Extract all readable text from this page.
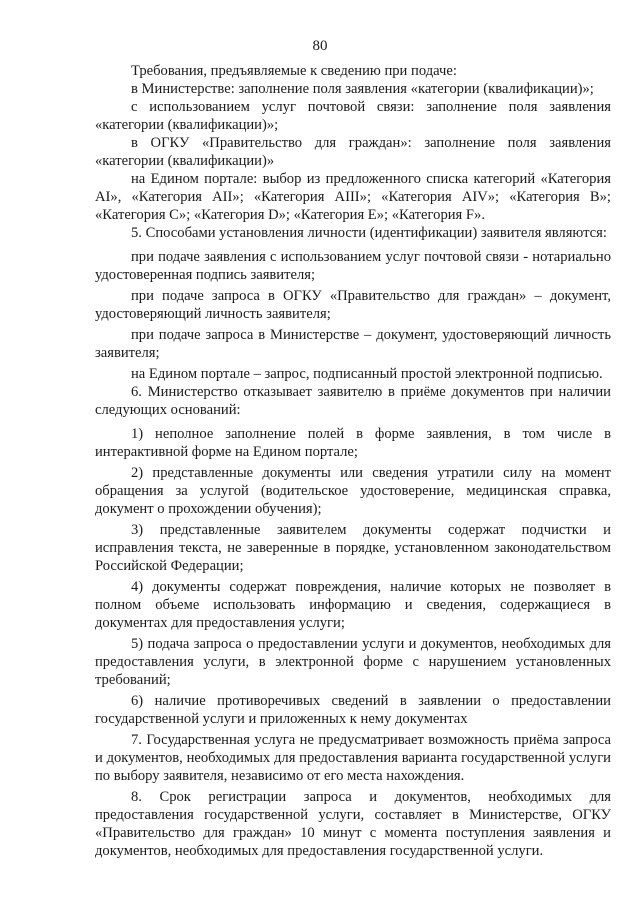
80

Требования, предъявляемые к сведению при подаче:

в Министерстве: заполнение поля заявления «категории (квалификации)»;

с использованием услуг почтовой связи: заполнение поля заявления «категории (квалификации)»;

в ОГКУ «Правительство для граждан»: заполнение поля заявления «категории (квалификации)»

на Едином портале: выбор из предложенного списка категорий «Категория AI», «Категория AII»; «Категория AIII»; «Категория AIV»; «Категория B»; «Категория C»; «Категория D»; «Категория E»; «Категория F».

5. Способами установления личности (идентификации) заявителя являются:

при подаче заявления с использованием услуг почтовой связи - нотариально удостоверенная подпись заявителя;

при подаче запроса в ОГКУ «Правительство для граждан» – документ, удостоверяющий личность заявителя;

при подаче запроса в Министерстве – документ, удостоверяющий личность заявителя;

на Едином портале – запрос, подписанный простой электронной подписью.

6. Министерство отказывает заявителю в приёме документов при наличии следующих оснований:

1) неполное заполнение полей в форме заявления, в том числе в интерактивной форме на Едином портале;

2) представленные документы или сведения утратили силу на момент обращения за услугой (водительское удостоверение, медицинская справка, документ о прохождении обучения);

3) представленные заявителем документы содержат подчистки и исправления текста, не заверенные в порядке, установленном законодательством Российской Федерации;

4) документы содержат повреждения, наличие которых не позволяет в полном объеме использовать информацию и сведения, содержащиеся в документах для предоставления услуги;

5) подача запроса о предоставлении услуги и документов, необходимых для предоставления услуги, в электронной форме с нарушением установленных требований;

6) наличие противоречивых сведений в заявлении о предоставлении государственной услуги и приложенных к нему документах

7. Государственная услуга не предусматривает возможность приёма запроса и документов, необходимых для предоставления варианта государственной услуги по выбору заявителя, независимо от его места нахождения.

8. Срок регистрации запроса и документов, необходимых для предоставления государственной услуги, составляет в Министерстве, ОГКУ «Правительство для граждан» 10 минут с момента поступления заявления и документов, необходимых для предоставления государственной услуги.
